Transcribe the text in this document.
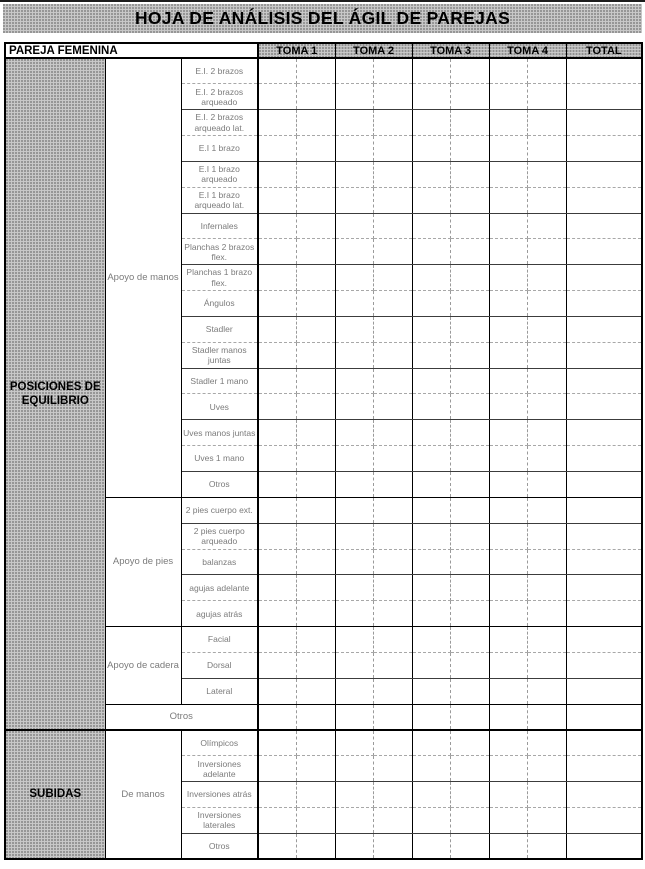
HOJA DE ANÁLISIS DEL ÁGIL DE PAREJAS
PAREJA FEMENINA			TOMA 1		TOMA 2		TOMA 3		TOMA 4		TOTAL
POSICIONES DE EQUILIBRIO	Apoyo de manos	E.I. 2 brazos									
		E.I. 2 brazos arqueado									
		E.I. 2 brazos arqueado lat.									
		E.I 1 brazo									
		E.I 1 brazo arqueado									
		E.I 1 brazo arqueado lat.									
		Infernales									
		Planchas 2 brazos flex.									
		Planchas 1 brazo flex.									
		Ángulos									
		Stadler									
		Stadler manos juntas									
		Stadler 1 mano									
		Uves									
		Uves manos juntas									
		Uves 1 mano									
		Otros									
	Apoyo de pies	2 pies cuerpo ext.									
		2 pies cuerpo arqueado									
		balanzas									
		agujas adelante									
		agujas atrás									
	Apoyo de cadera	Facial									
		Dorsal									
		Lateral									
	Otros										
SUBIDAS	De manos	Olímpicos									
		Inversiones adelante									
		Inversiones atrás									
		Inversiones laterales									
		Otros									
